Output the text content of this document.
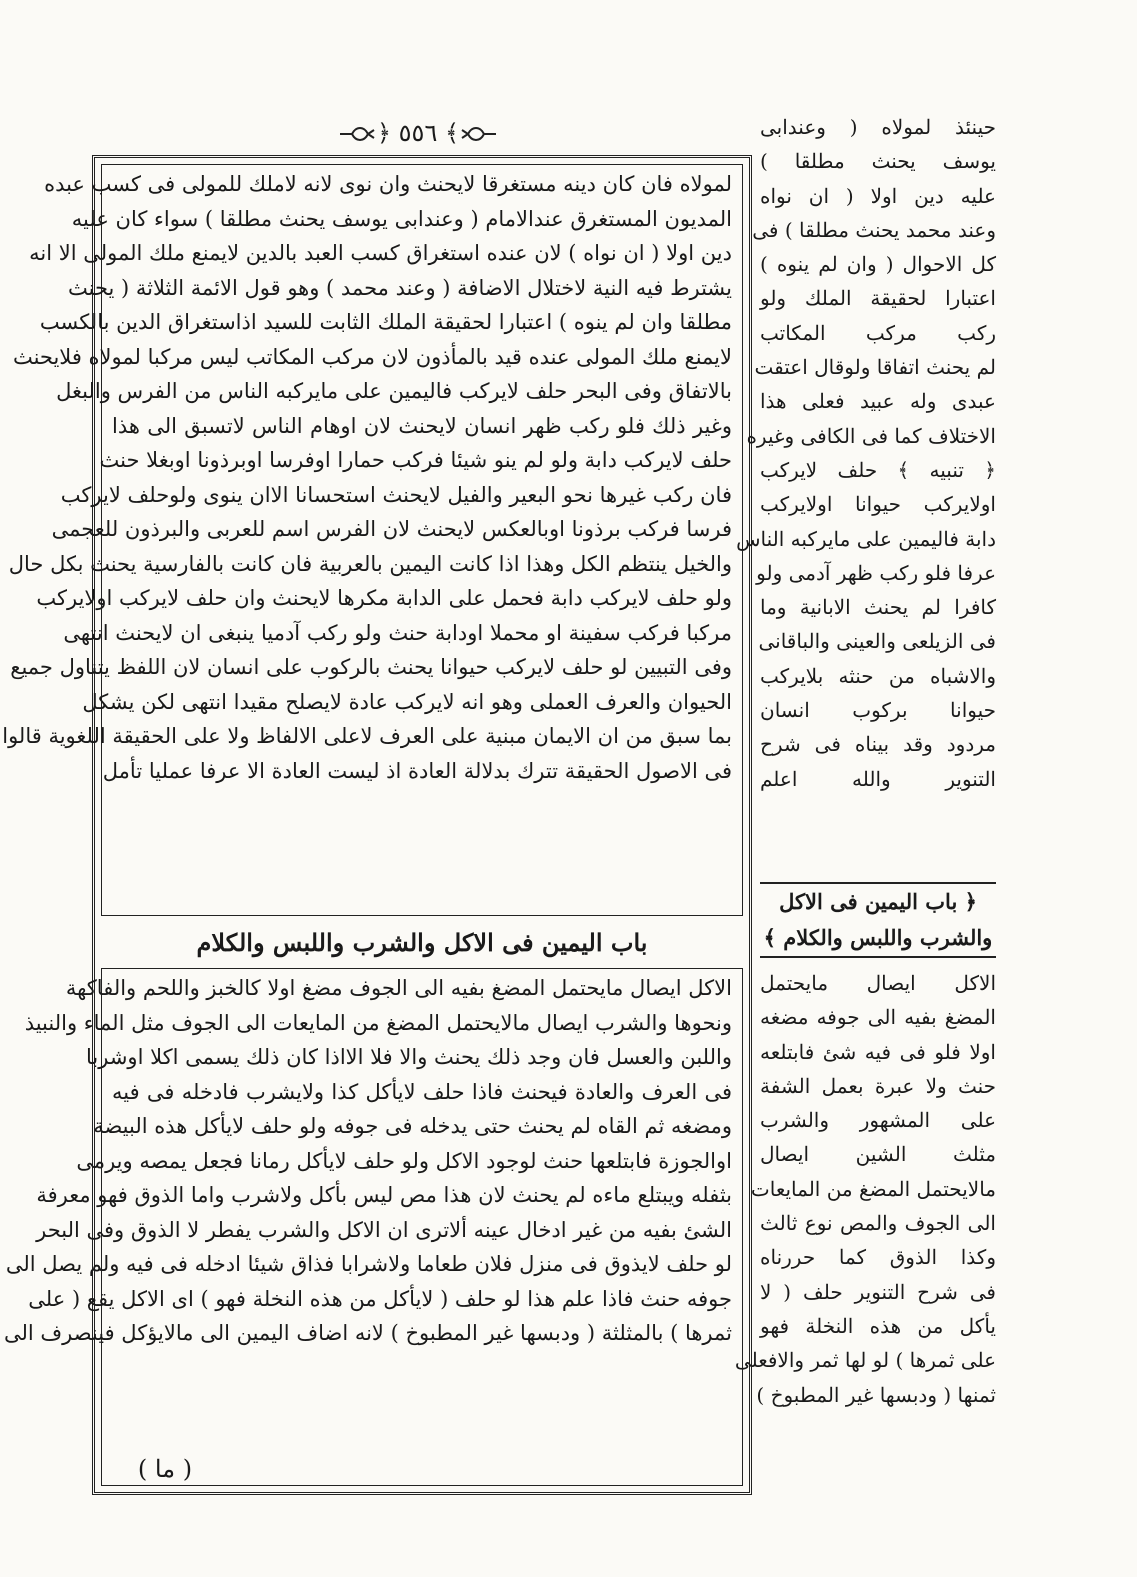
﴾ ٥٥٦ ﴿
لمولاه فان كان دينه مستغرقا لايحنث وان نوى لانه لاملك للمولى فى كسب عبده
المديون المستغرق عندالامام ( وعندابى يوسف يحنث مطلقا ) سواء كان عليه
دين اولا ( ان نواه ) لان عنده استغراق كسب العبد بالدين لايمنع ملك المولى الا انه
يشترط فيه النية لاختلال الاضافة ( وعند محمد ) وهو قول الائمة الثلاثة ( يحنث
مطلقا وان لم ينوه ) اعتبارا لحقيقة الملك الثابت للسيد اذاستغراق الدين بالكسب
لايمنع ملك المولى عنده قيد بالمأذون لان مركب المكاتب ليس مركبا لمولاه فلايحنث
بالاتفاق وفى البحر حلف لايركب فاليمين على مايركبه الناس من الفرس والبغل
وغير ذلك فلو ركب ظهر انسان لايحنث لان اوهام الناس لاتسبق الى هذا
حلف لايركب دابة ولو لم ينو شيئا فركب حمارا اوفرسا اوبرذونا اوبغلا حنث
فان ركب غيرها نحو البعير والفيل لايحنث استحسانا الاان ينوى ولوحلف لايركب
فرسا فركب برذونا اوبالعكس لايحنث لان الفرس اسم للعربى والبرذون للعجمى
والخيل ينتظم الكل وهذا اذا كانت اليمين بالعربية فان كانت بالفارسية يحنث بكل حال
ولو حلف لايركب دابة فحمل على الدابة مكرها لايحنث وان حلف لايركب اولايركب
مركبا فركب سفينة او محملا اودابة حنث ولو ركب آدميا ينبغى ان لايحنث انتهى
وفى التبيين لو حلف لايركب حيوانا يحنث بالركوب على انسان لان اللفظ يتناول جميع
الحيوان والعرف العملى وهو انه لايركب عادة لايصلح مقيدا انتهى لكن يشكل
بما سبق من ان الايمان مبنية على العرف لاعلى الالفاظ ولا على الحقيقة اللغوية قالوا
فى الاصول الحقيقة تترك بدلالة العادة اذ ليست العادة الا عرفا عمليا تأمل
باب اليمين فى الاكل والشرب واللبس والكلام
الاكل ايصال مايحتمل المضغ بفيه الى الجوف مضغ اولا كالخبز واللحم والفاكهة
ونحوها والشرب ايصال مالايحتمل المضغ من المايعات الى الجوف مثل الماء والنبيذ
واللبن والعسل فان وجد ذلك يحنث والا فلا الااذا كان ذلك يسمى اكلا اوشربا
فى العرف والعادة فيحنث فاذا حلف لايأكل كذا ولايشرب فادخله فى فيه
ومضغه ثم القاه لم يحنث حتى يدخله فى جوفه ولو حلف لايأكل هذه البيضة
اوالجوزة فابتلعها حنث لوجود الاكل ولو حلف لايأكل رمانا فجعل يمصه ويرمى
بثفله ويبتلع ماءه لم يحنث لان هذا مص ليس بأكل ولاشرب واما الذوق فهو معرفة
الشئ بفيه من غير ادخال عينه ألاترى ان الاكل والشرب يفطر لا الذوق وفى البحر
لو حلف لايذوق فى منزل فلان طعاما ولاشرابا فذاق شيئا ادخله فى فيه ولم يصل الى
جوفه حنث فاذا علم هذا لو حلف ( لايأكل من هذه النخلة فهو ) اى الاكل يقع ( على
ثمرها ) بالمثلثة ( ودبسها غير المطبوخ ) لانه اضاف اليمين الى مالايؤكل فينصرف الى
حينئذ لمولاه ( وعندابى
يوسف يحنث مطلقا )
عليه دين اولا ( ان نواه
وعند محمد يحنث مطلقا ) فى
كل الاحوال ( وان لم ينوه )
اعتبارا لحقيقة الملك ولو
ركب مركب المكاتب
لم يحنث اتفاقا ولوقال اعتقت
عبدى وله عبيد فعلى هذا
الاختلاف كما فى الكافى وغيره
﴿ تنبيه ﴾ حلف لايركب
اولايركب حيوانا اولايركب
دابة فاليمين على مايركبه الناس
عرفا فلو ركب ظهر آدمى ولو
كافرا لم يحنث الابانية وما
فى الزيلعى والعينى والباقانى
والاشباه من حنثه بلايركب
حيوانا بركوب انسان
مردود وقد بيناه فى شرح
التنوير والله اعلم
﴿ باب اليمين فى الاكل والشرب واللبس والكلام ﴾
الاكل ايصال مايحتمل
المضغ بفيه الى جوفه مضغه
اولا فلو فى فيه شئ فابتلعه
حنث ولا عبرة بعمل الشفة
على المشهور والشرب
مثلث الشين ايصال
مالايحتمل المضغ من المايعات
الى الجوف والمص نوع ثالث
وكذا الذوق كما حررناه
فى شرح التنوير حلف ( لا
يأكل من هذه النخلة فهو
على ثمرها ) لو لها ثمر والافعلى
ثمنها ( ودبسها غير المطبوخ )
( ما )
